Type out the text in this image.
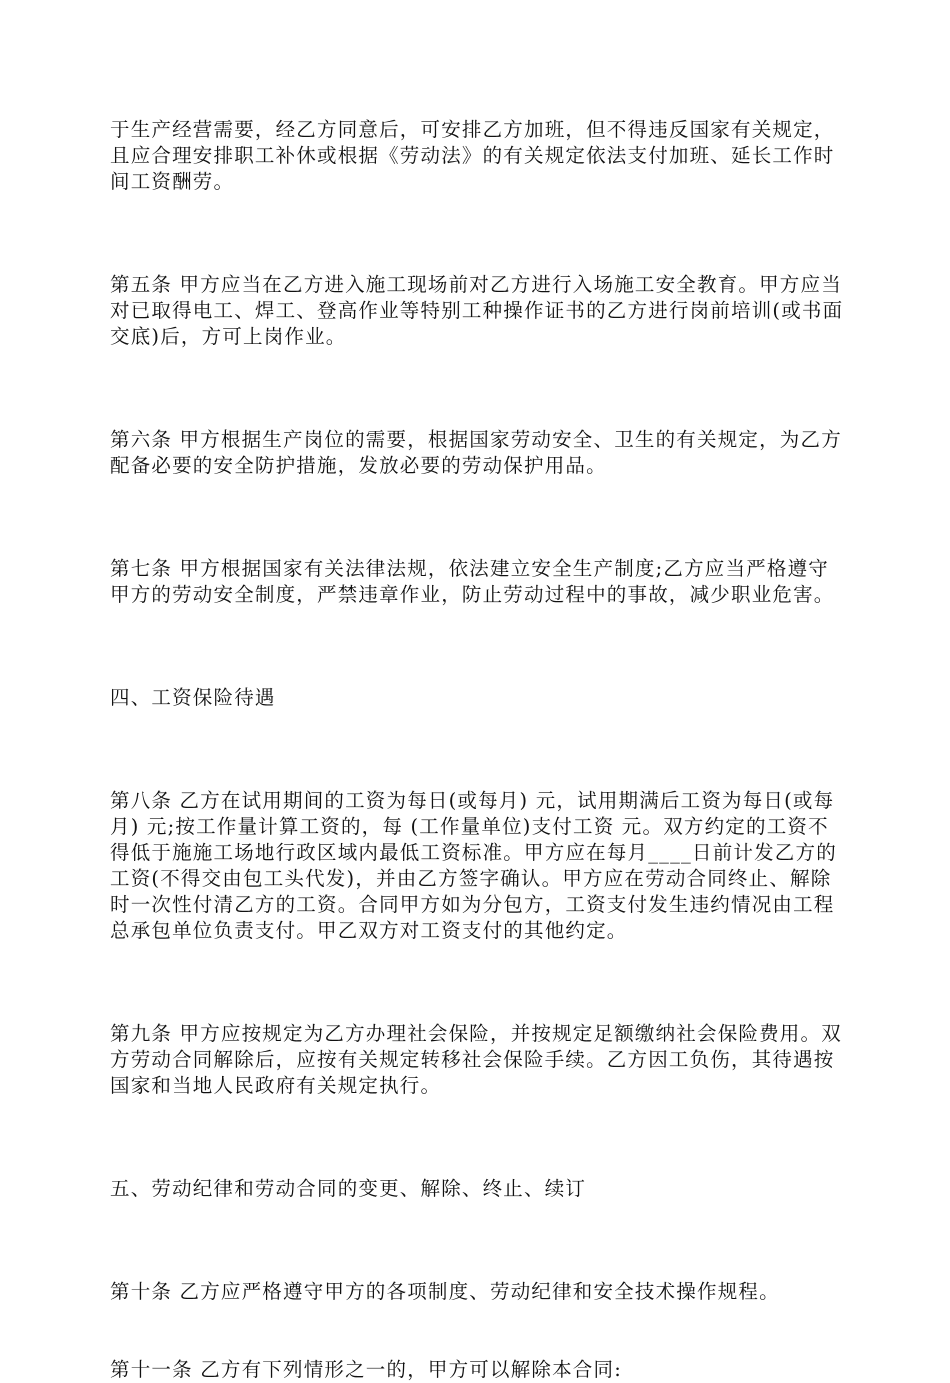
于生产经营需要，经乙方同意后，可安排乙方加班，但不得违反国家有关规定，且应合理安排职工补休或根据《劳动法》的有关规定依法支付加班、延长工作时间工资酬劳。

第五条 甲方应当在乙方进入施工现场前对乙方进行入场施工安全教育。甲方应当对已取得电工、焊工、登高作业等特别工种操作证书的乙方进行岗前培训(或书面交底)后，方可上岗作业。

第六条 甲方根据生产岗位的需要，根据国家劳动安全、卫生的有关规定，为乙方配备必要的安全防护措施，发放必要的劳动保护用品。

第七条 甲方根据国家有关法律法规，依法建立安全生产制度;乙方应当严格遵守甲方的劳动安全制度，严禁违章作业，防止劳动过程中的事故，减少职业危害。

四、工资保险待遇

第八条 乙方在试用期间的工资为每日(或每月) 元，试用期满后工资为每日(或每月) 元;按工作量计算工资的，每 (工作量单位)支付工资 元。双方约定的工资不得低于施施工场地行政区域内最低工资标准。甲方应在每月____日前计发乙方的工资(不得交由包工头代发)，并由乙方签字确认。甲方应在劳动合同终止、解除时一次性付清乙方的工资。合同甲方如为分包方，工资支付发生违约情况由工程总承包单位负责支付。甲乙双方对工资支付的其他约定。

第九条 甲方应按规定为乙方办理社会保险，并按规定足额缴纳社会保险费用。双方劳动合同解除后，应按有关规定转移社会保险手续。乙方因工负伤，其待遇按国家和当地人民政府有关规定执行。

五、劳动纪律和劳动合同的变更、解除、终止、续订

第十条 乙方应严格遵守甲方的各项制度、劳动纪律和安全技术操作规程。

第十一条 乙方有下列情形之一的，甲方可以解除本合同:
